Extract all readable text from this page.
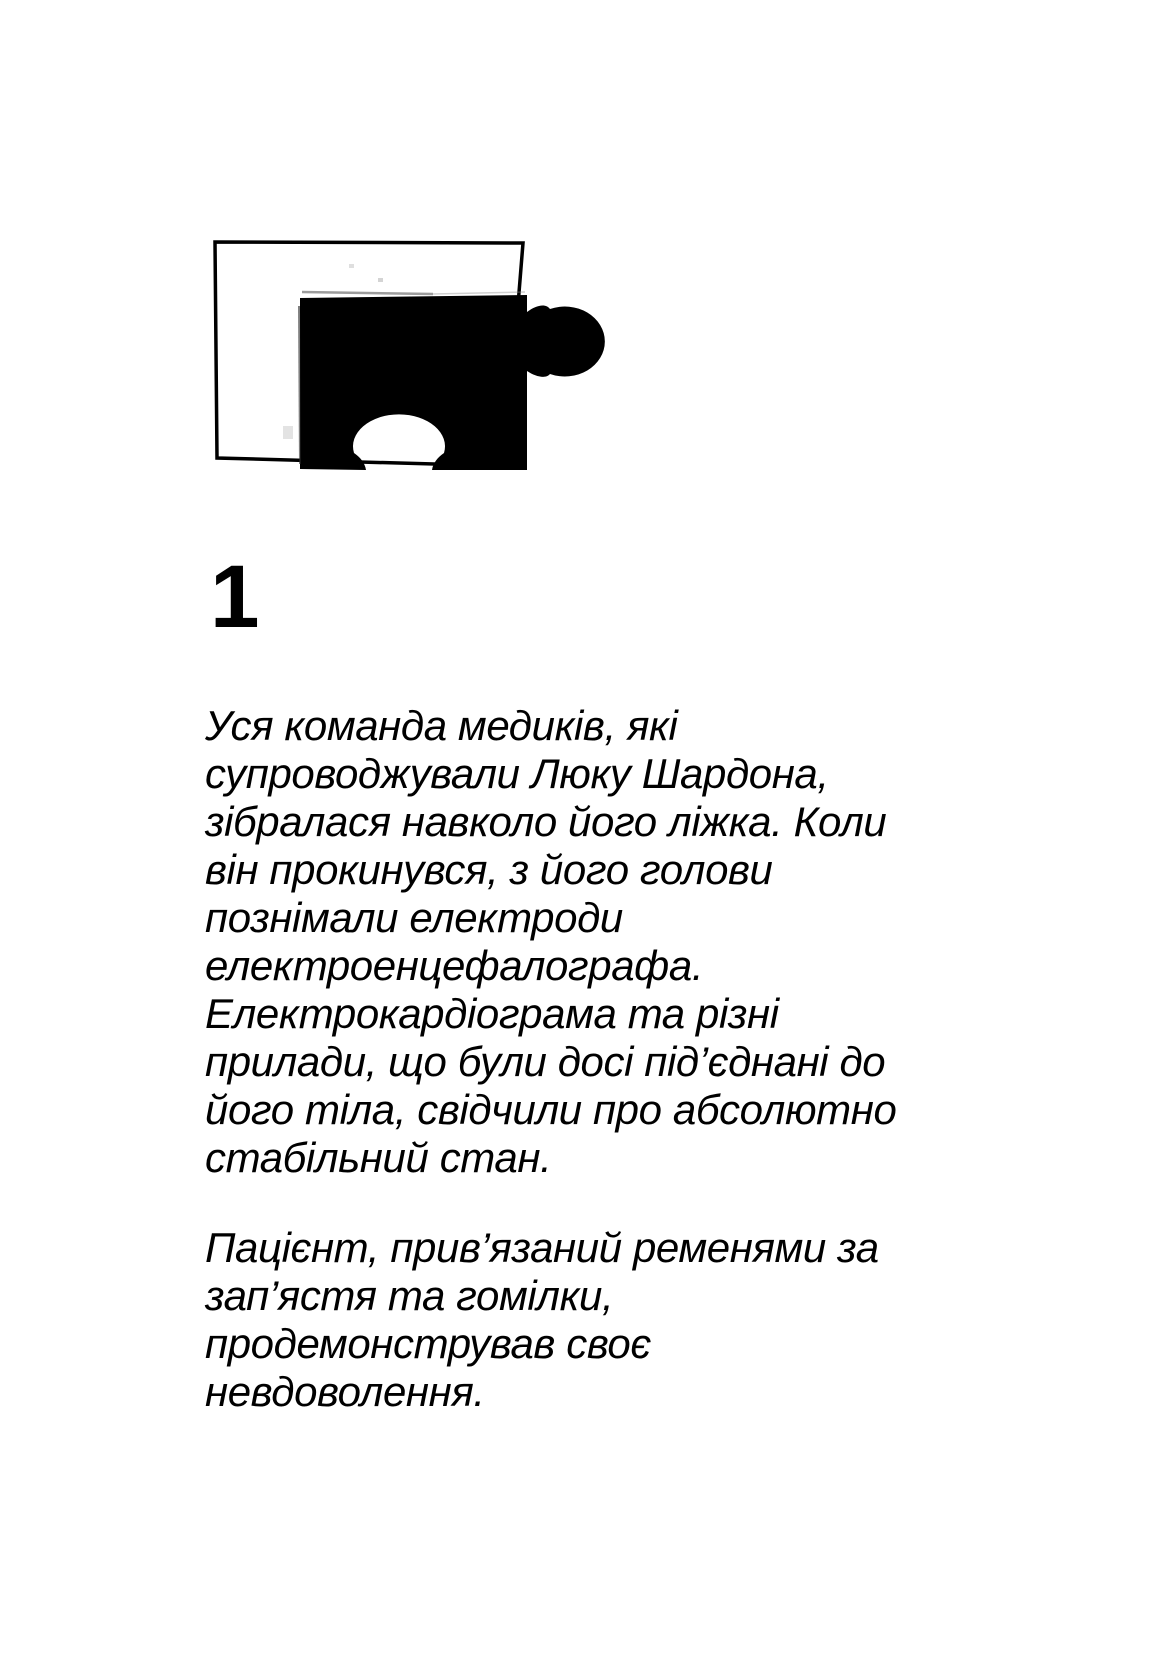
1

Уся команда медиків, які
супроводжували Люку Шардона,
зібралася навколо його ліжка. Коли
він прокинувся, з його голови
познімали електроди
електроенцефалографа.
Електрокардіограма та різні
прилади, що були досі під’єднані до
його тіла, свідчили про абсолютно
стабільний стан.

Пацієнт, прив’язаний ременями за
зап’ястя та гомілки,
продемонстрував своє
невдоволення.
